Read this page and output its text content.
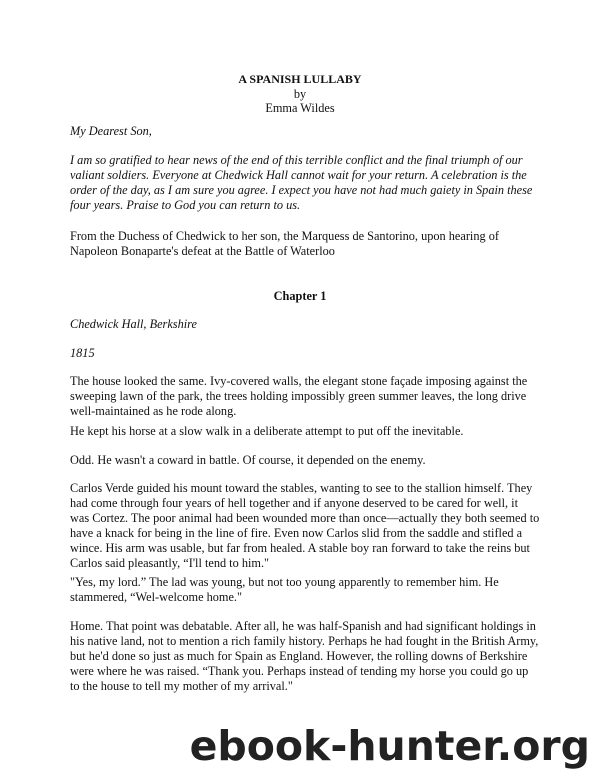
A SPANISH LULLABY

by

Emma Wildes

My Dearest Son,

I am so gratified to hear news of the end of this terrible conflict and the final triumph of our valiant soldiers. Everyone at Chedwick Hall cannot wait for your return. A celebration is the order of the day, as I am sure you agree. I expect you have not had much gaiety in Spain these four years. Praise to God you can return to us.

From the Duchess of Chedwick to her son, the Marquess de Santorino, upon hearing of Napoleon Bonaparte's defeat at the Battle of Waterloo

Chapter 1

Chedwick Hall, Berkshire

1815

The house looked the same. Ivy-covered walls, the elegant stone façade imposing against the sweeping lawn of the park, the trees holding impossibly green summer leaves, the long drive well-maintained as he rode along.

He kept his horse at a slow walk in a deliberate attempt to put off the inevitable.

Odd. He wasn't a coward in battle. Of course, it depended on the enemy.

Carlos Verde guided his mount toward the stables, wanting to see to the stallion himself. They had come through four years of hell together and if anyone deserved to be cared for well, it was Cortez. The poor animal had been wounded more than once—actually they both seemed to have a knack for being in the line of fire. Even now Carlos slid from the saddle and stifled a wince. His arm was usable, but far from healed. A stable boy ran forward to take the reins but Carlos said pleasantly, “I'll tend to him."

"Yes, my lord.” The lad was young, but not too young apparently to remember him. He stammered, “Wel-welcome home."

Home. That point was debatable. After all, he was half-Spanish and had significant holdings in his native land, not to mention a rich family history. Perhaps he had fought in the British Army, but he'd done so just as much for Spain as England. However, the rolling downs of Berkshire were where he was raised. “Thank you. Perhaps instead of tending my horse you could go up to the house to tell my mother of my arrival."

ebook-hunter.org
